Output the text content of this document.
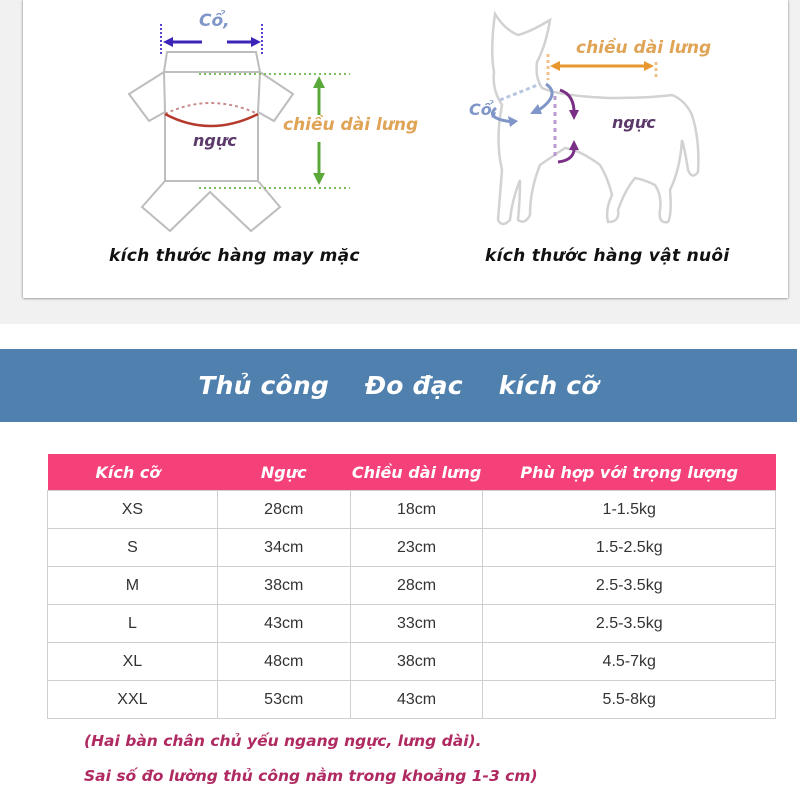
Cổ,
chiều dài lưng
ngực
kích thước hàng may mặc
chiều dài lưng
Cổ,
ngực
kích thước hàng vật nuôi
Thủ công Đo đạc kích cỡ
Kích cỡ	Ngực	Chiều dài lưng	Phù hợp với trọng lượng
XS	28cm	18cm	1-1.5kg
S	34cm	23cm	1.5-2.5kg
M	38cm	28cm	2.5-3.5kg
L	43cm	33cm	2.5-3.5kg
XL	48cm	38cm	4.5-7kg
XXL	53cm	43cm	5.5-8kg
(Hai bàn chân chủ yếu ngang ngực, lưng dài).
Sai số đo lường thủ công nằm trong khoảng 1-3 cm)
